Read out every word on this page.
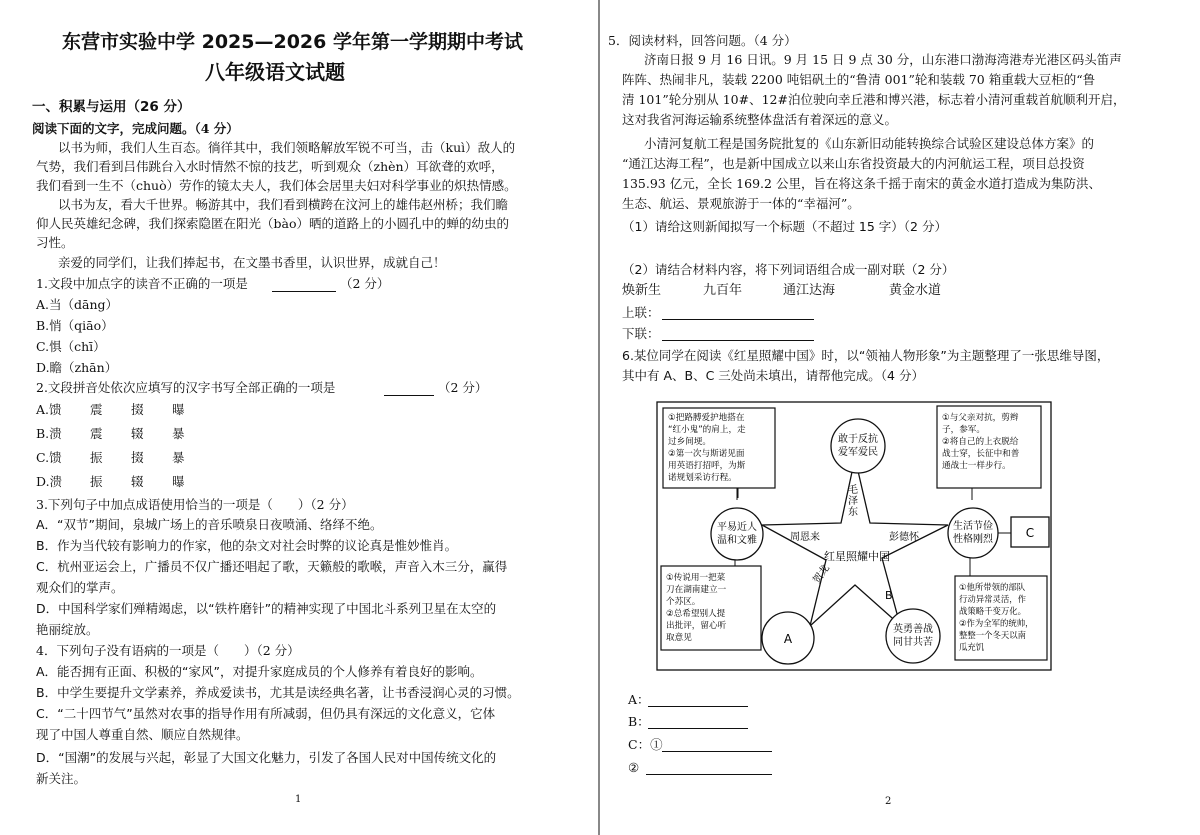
东营市实验中学 2025—2026 学年第一学期期中考试
八年级语文试题
一、积累与运用（26 分）
阅读下面的文字，完成问题。（4 分）
以书为师，我们人生百态。徜徉其中，我们领略解放军锐不可当，击（kuì）敌人的
气势，我们看到吕伟跳台入水时情然不惊的技艺，听到观众（zhèn）耳欲聋的欢呼，
我们看到一生不（chuò）劳作的镜太夫人，我们体会居里夫妇对科学事业的炽热情感。
以书为友，看大千世界。畅游其中，我们看到横跨在汶河上的雄伟赵州桥；我们瞻
仰人民英雄纪念碑，我们探索隐匿在阳光（bào）晒的道路上的小圆孔中的蝉的幼虫的
习性。
亲爱的同学们，让我们捧起书，在文墨书香里，认识世界，成就自己！
1.文段中加点字的读音不正确的一项是	（2 分）
A.当（dāng）
B.悄（qiāo）
C.惧（chī）
D.瞻（zhān）
2.文段拼音处依次应填写的汉字书写全部正确的一项是	（2 分）
A.馈 震 掇 曝
B.溃 震 辍 暴
C.馈 振 掇 暴
D.溃 振 辍 曝
3.下列句子中加点成语使用恰当的一项是（　　）（2 分）
A．“双节”期间，泉城广场上的音乐喷泉日夜喷涌、络绎不绝。
B．作为当代较有影响力的作家，他的杂文对社会时弊的议论真是惟妙惟肖。
C．杭州亚运会上，广播员不仅广播还唱起了歌，天籁般的歌喉，声音入木三分，赢得
观众们的掌声。
D．中国科学家们殚精竭虑，以“铁杵磨针”的精神实现了中国北斗系列卫星在太空的
艳丽绽放。
4．下列句子没有语病的一项是（　　）（2 分）
A．能否拥有正面、积极的“家风”，对提升家庭成员的个人修养有着良好的影响。
B．中学生要提升文学素养，养成爱读书，尤其是读经典名著，让书香浸润心灵的习惯。
C．“二十四节气”虽然对农事的指导作用有所减弱，但仍具有深远的文化意义，它体
现了中国人尊重自然、顺应自然规律。
D．“国潮”的发展与兴起，彰显了大国文化魅力，引发了各国人民对中国传统文化的
新关注。
1
5．阅读材料，回答问题。（4 分）
济南日报 9 月 16 日讯。9 月 15 日 9 点 30 分，山东港口渤海湾港寿光港区码头笛声
阵阵、热闹非凡，装载 2200 吨铝矾土的“鲁清 001”轮和装载 70 箱重载大豆柜的“鲁
清 101”轮分别从 10#、12#泊位驶向幸丘港和博兴港，标志着小清河重载首航顺利开启，
这对我省河海运输系统整体盘活有着深远的意义。
小清河复航工程是国务院批复的《山东新旧动能转换综合试验区建设总体方案》的
“通江达海工程”，也是新中国成立以来山东省投资最大的内河航运工程，项目总投资
135.93 亿元，全长 169.2 公里，旨在将这条千摇于南宋的黄金水道打造成为集防洪、
生态、航运、景观旅游于一体的“幸福河”。
（1）请给这则新闻拟写一个标题（不超过 15 字）（2 分）
（2）请结合材料内容，将下列词语组合成一副对联（2 分）
焕新生	九百年	通江达海	黄金水道
上联：
下联：
6.某位同学在阅读《红星照耀中国》时，以“领袖人物形象”为主题整理了一张思维导图，
其中有 A、B、C 三处尚未填出，请帮他完成。（4 分）
敢于反抗
爱军爱民
平易近人
温和文雅
生活节俭
性格刚烈
A
英勇善战
同甘共苦
C
毛泽东
周恩来	彭德怀
贺龙
B
红星照耀中国
①把路膊爱护地搭在 “红小鬼”的肩上，走 过乡间埂。 ②第一次与斯诺见面 用英语打招呼，为斯 诺规划采访行程。
①与父亲对抗，剪辫 子，参军。 ②将自己的上衣脱给 战士穿，长征中和普 通战士一样步行。
①传说用一把菜 刀在湖南建立一 个苏区。 ②总希望别人提 出批评，留心听 取意见
①他所带领的部队 行动异常灵活，作 战策略千变万化。 ②作为全军的统帅， 整整一个冬天以南 瓜充饥
A：
B：
C：①
②
2
